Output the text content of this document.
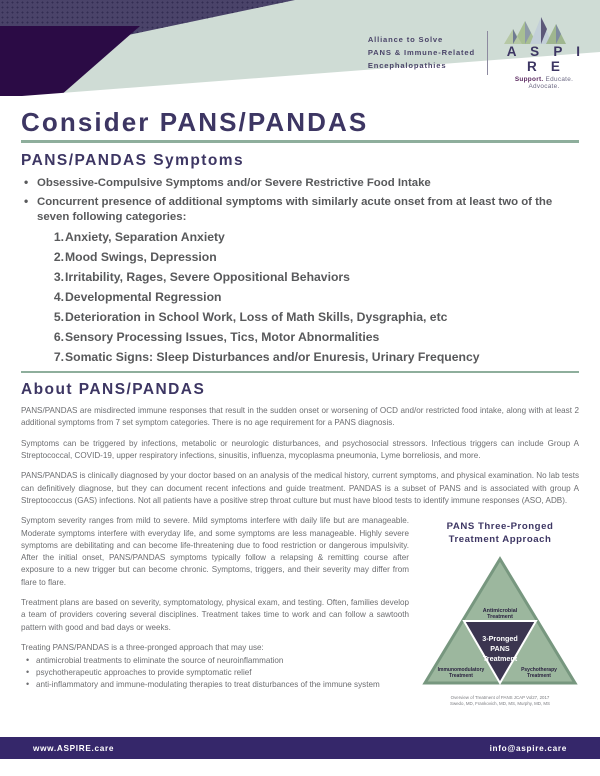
Alliance to Solve
PANS & Immune-Related
Encephalopathies
A S P I R E
Support. Educate. Advocate.
Consider PANS/PANDAS
PANS/PANDAS Symptoms
• Obsessive-Compulsive Symptoms and/or Severe Restrictive Food Intake
• Concurrent presence of additional symptoms with similarly acute onset from at least two of the seven following categories:
1. Anxiety, Separation Anxiety
2. Mood Swings, Depression
3. Irritability, Rages, Severe Oppositional Behaviors
4. Developmental Regression
5. Deterioration in School Work, Loss of Math Skills, Dysgraphia, etc
6. Sensory Processing Issues, Tics, Motor Abnormalities
7. Somatic Signs: Sleep Disturbances and/or Enuresis, Urinary Frequency
About PANS/PANDAS

PANS/PANDAS are misdirected immune responses that result in the sudden onset or worsening of OCD and/or restricted food intake, along with at least 2 additional symptoms from 7 set symptom categories. There is no age requirement for a PANS diagnosis.

Symptoms can be triggered by infections, metabolic or neurologic disturbances, and psychosocial stressors. Infectious triggers can include Group A Streptococcal, COVID-19, upper respiratory infections, sinusitis, influenza, mycoplasma pneumonia, Lyme borreliosis, and more.

PANS/PANDAS is clinically diagnosed by your doctor based on an analysis of the medical history, current symptoms, and physical examination. No lab tests can definitively diagnose, but they can document recent infections and guide treatment. PANDAS is a subset of PANS and is associated with group A Streptococcus (GAS) infections. Not all patients have a positive strep throat culture but must have blood tests to identify immune responses (ASO, ADB).

Symptom severity ranges from mild to severe. Mild symptoms interfere with daily life but are manageable. Moderate symptoms interfere with everyday life, and some symptoms are less manageable. Highly severe symptoms are debilitating and can become life-threatening due to food restriction or dangerous impulsivity. After the initial onset, PANS/PANDAS symptoms typically follow a relapsing & remitting course after exposure to a new trigger but can become chronic. Symptoms, triggers, and their severity may differ from flare to flare.

Treatment plans are based on severity, symptomatology, physical exam, and testing. Often, families develop a team of providers covering several disciplines. Treatment takes time to work and can follow a sawtooth pattern with good and bad days or weeks.

Treating PANS/PANDAS is a three-pronged approach that may use:

• antimicrobial treatments to eliminate the source of neuroinflammation
• psychotherapeutic approaches to provide symptomatic relief
• anti-inflammatory and immune-modulating therapies to treat disturbances of the immune system
PANS Three-Pronged
Treatment Approach
Antimicrobial
Treatment
3-Pronged
PANS
Treatment
Immunomodulatory
Treatment
Psychotherapy
Treatment
Overview of Treatment of PANS JCAP Vol27, 2017
Swedo, MD, Frankovich, MD, MS, Murphy, MD, MS
www.ASPIRE.care	info@aspire.care
